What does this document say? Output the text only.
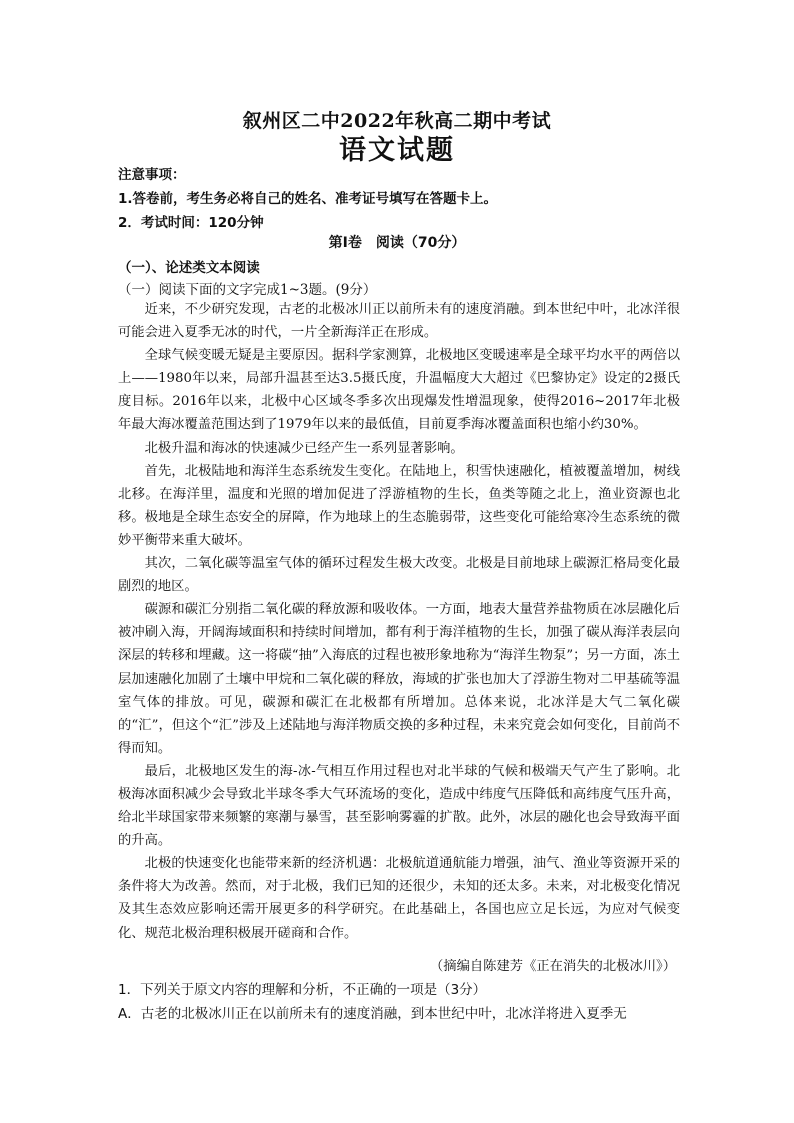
叙州区二中2022年秋高二期中考试
语文试题
注意事项：
1.答卷前，考生务必将自己的姓名、准考证号填写在答题卡上。
2．考试时间：120分钟
第I卷　阅读（70分）
（一）、论述类文本阅读
（一）阅读下面的文字完成1~3题。(9分）

近来，不少研究发现，古老的北极冰川正以前所未有的速度消融。到本世纪中叶，北冰洋很可能会进入夏季无冰的时代，一片全新海洋正在形成。

全球气候变暖无疑是主要原因。据科学家测算，北极地区变暖速率是全球平均水平的两倍以上——1980年以来，局部升温甚至达3.5摄氏度，升温幅度大大超过《巴黎协定》设定的2摄氏度目标。2016年以来，北极中心区域冬季多次出现爆发性增温现象，使得2016~2017年北极年最大海冰覆盖范围达到了1979年以来的最低值，目前夏季海冰覆盖面积也缩小约30%。

北极升温和海冰的快速减少已经产生一系列显著影响。

首先，北极陆地和海洋生态系统发生变化。在陆地上，积雪快速融化，植被覆盖增加，树线北移。在海洋里，温度和光照的增加促进了浮游植物的生长，鱼类等随之北上，渔业资源也北移。极地是全球生态安全的屏障，作为地球上的生态脆弱带，这些变化可能给寒冷生态系统的微妙平衡带来重大破坏。

其次，二氧化碳等温室气体的循环过程发生极大改变。北极是目前地球上碳源汇格局变化最剧烈的地区。

碳源和碳汇分别指二氧化碳的释放源和吸收体。一方面，地表大量营养盐物质在冰层融化后被冲刷入海，开阔海域面积和持续时间增加，都有利于海洋植物的生长，加强了碳从海洋表层向深层的转移和埋藏。这一将碳“抽”入海底的过程也被形象地称为“海洋生物泵”；另一方面，冻土层加速融化加剧了土壤中甲烷和二氧化碳的释放，海域的扩张也加大了浮游生物对二甲基硫等温室气体的排放。可见，碳源和碳汇在北极都有所增加。总体来说，北冰洋是大气二氧化碳的“汇”，但这个“汇”涉及上述陆地与海洋物质交换的多种过程，未来究竟会如何变化，目前尚不得而知。

最后，北极地区发生的海-冰-气相互作用过程也对北半球的气候和极端天气产生了影响。北极海冰面积减少会导致北半球冬季大气环流场的变化，造成中纬度气压降低和高纬度气压升高，给北半球国家带来频繁的寒潮与暴雪，甚至影响雾霾的扩散。此外，冰层的融化也会导致海平面的升高。

北极的快速变化也能带来新的经济机遇：北极航道通航能力增强，油气、渔业等资源开采的条件将大为改善。然而，对于北极，我们已知的还很少，未知的还太多。未来，对北极变化情况及其生态效应影响还需开展更多的科学研究。在此基础上，各国也应立足长远，为应对气候变化、规范北极治理积极展开磋商和合作。

（摘编自陈建芳《正在消失的北极冰川》）
1．下列关于原文内容的理解和分析，不正确的一项是（3分）
A．古老的北极冰川正在以前所未有的速度消融，到本世纪中叶，北冰洋将进入夏季无
